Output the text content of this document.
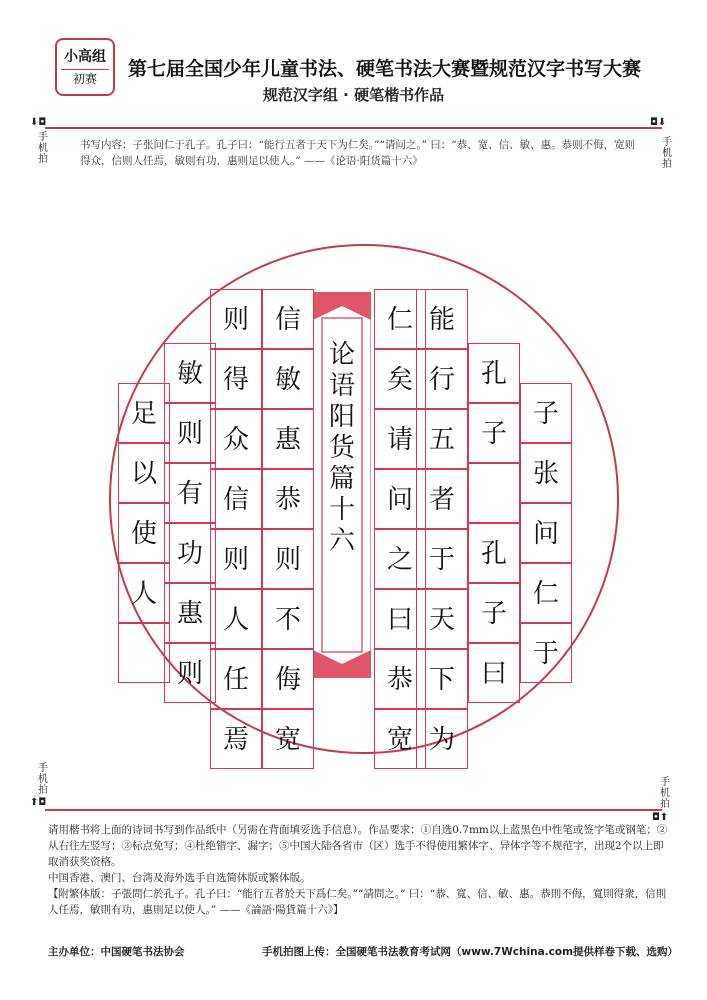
小高组
初赛	第七届全国少年儿童书法、硬笔书法大赛暨规范汉字书写大赛
规范汉字组 · 硬笔楷书作品
⬇◘	◘⬇
⬆◘
◘⬆
手机拍
手机拍
手机拍
手机拍
书写内容：子张问仁于孔子。孔子曰：“能行五者于天下为仁矣。”“请问之。” 曰：“恭、宽、信、敏、惠。恭则不侮，宽则得众，信则人任焉，敏则有功，惠则足以使人。” ——《论语·阳货篇十六》
论
语
阳
货
篇
十
六
子
张
问
仁
于
孔
子
孔
子
曰
能
行
五
者
于
天
下
为
仁
矣
请
问
之
曰
恭
宽
信
敏
惠
恭
则
不
侮
宽
则
得
众
信
则
人
任
焉
敏
则
有
功
惠
则
足
以
使
人
请用楷书将上面的诗词书写到作品纸中（另需在背面填妥选手信息）。作品要求：①自选0.7mm以上蓝黑色中性笔或签字笔或钢笔；②从右往左竖写；③标点免写；④杜绝错字、漏字；⑤中国大陆各省市（区）选手不得使用繁体字、异体字等不规范字，出现2个以上即取消获奖资格。
中国香港、澳门、台湾及海外选手自选简体版或繁体版。
【附繁体版：子張問仁於孔子。孔子曰：“能行五者於天下爲仁矣。”“請問之。” 曰：“恭、寬、信、敏、惠。恭則不侮，寬則得衆，信則人任焉，敏則有功，惠則足以使人。” ——《論語·陽貨篇十六》】
主办单位：中国硬笔书法协会	手机拍图上传：全国硬笔书法教育考试网（www.7Wchina.com提供样卷下载、选购）
